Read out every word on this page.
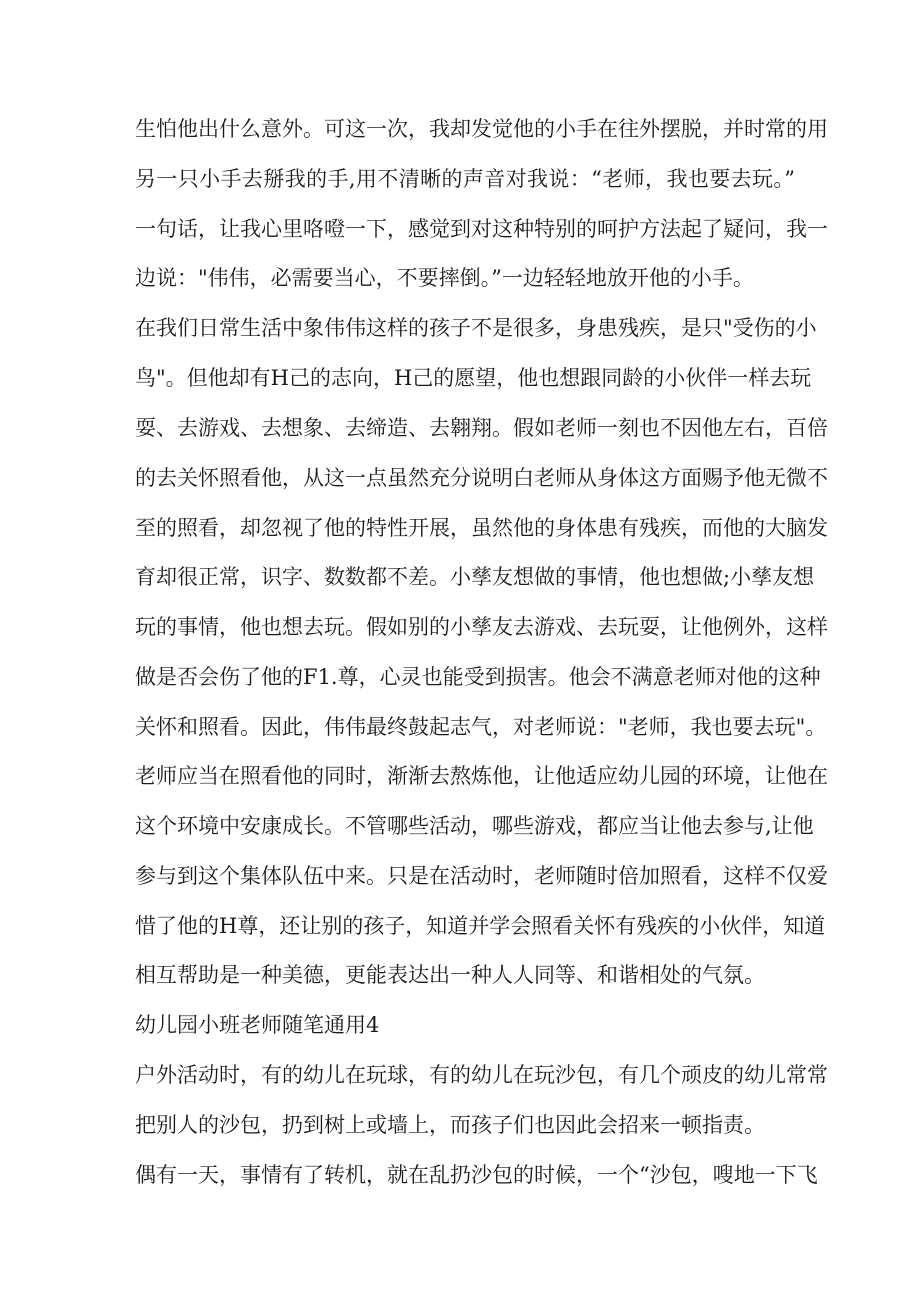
生怕他出什么意外。可这一次，我却发觉他的小手在往外摆脱，并时常的用
另一只小手去掰我的手,用不清晰的声音对我说：“老师，我也要去玩。”
一句话，让我心里咯噔一下，感觉到对这种特别的呵护方法起了疑问，我一
边说："伟伟，必需要当心，不要摔倒。”一边轻轻地放开他的小手。
在我们日常生活中象伟伟这样的孩子不是很多，身患残疾，是只"受伤的小
鸟"。但他却有H己的志向，H己的愿望，他也想跟同龄的小伙伴一样去玩
耍、去游戏、去想象、去缔造、去翱翔。假如老师一刻也不因他左右，百倍
的去关怀照看他，从这一点虽然充分说明白老师从身体这方面赐予他无微不
至的照看，却忽视了他的特性开展，虽然他的身体患有残疾，而他的大脑发
育却很正常，识字、数数都不差。小孳友想做的事情，他也想做;小孳友想
玩的事情，他也想去玩。假如别的小孳友去游戏、去玩耍，让他例外，这样
做是否会伤了他的F1.尊，心灵也能受到损害。他会不满意老师对他的这种
关怀和照看。因此，伟伟最终鼓起志气，对老师说："老师，我也要去玩"。
老师应当在照看他的同时，渐渐去熬炼他，让他适应幼儿园的环境，让他在
这个环境中安康成长。不管哪些活动，哪些游戏，都应当让他去参与,让他
参与到这个集体队伍中来。只是在活动时，老师随时倍加照看，这样不仅爱
惜了他的H尊，还让别的孩子，知道并学会照看关怀有残疾的小伙伴，知道
相互帮助是一种美德，更能表达出一种人人同等、和谐相处的气氛。
幼儿园小班老师随笔通用4
户外活动时，有的幼儿在玩球，有的幼儿在玩沙包，有几个顽皮的幼儿常常
把别人的沙包，扔到树上或墙上，而孩子们也因此会招来一顿指责。
偶有一天，事情有了转机，就在乱扔沙包的时候，一个“沙包，嗖地一下飞
